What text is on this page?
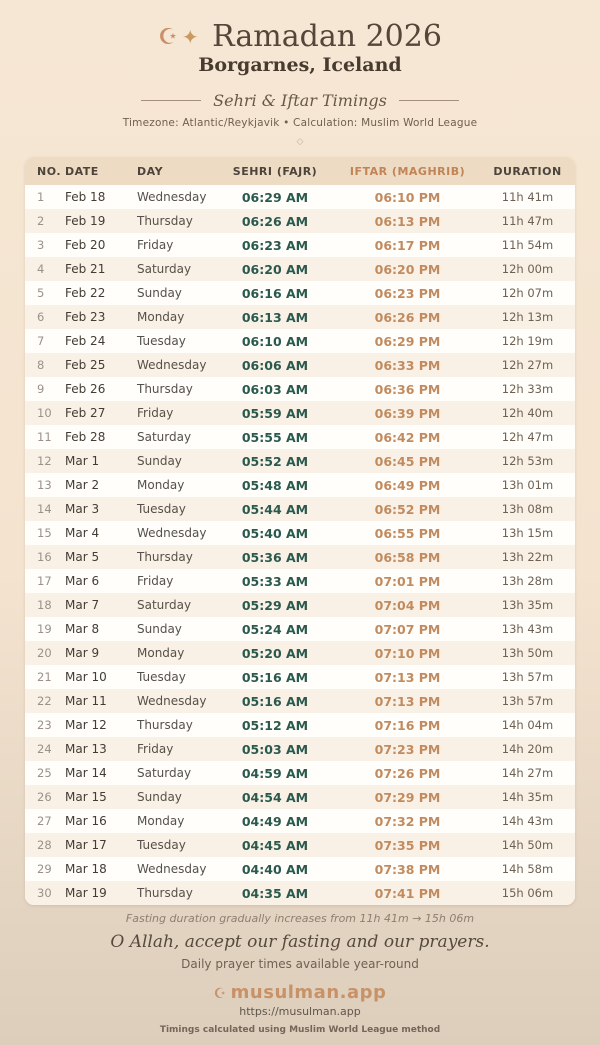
☪✦ Ramadan 2026
Borgarnes, Iceland
Sehri & Iftar Timings
Timezone: Atlantic/Reykjavik • Calculation: Muslim World League
◇
NO.	DATE	DAY	SEHRI (FAJR)	IFTAR (MAGHRIB)	DURATION
1	Feb 18	Wednesday	06:29 AM	06:10 PM	11h 41m
2	Feb 19	Thursday	06:26 AM	06:13 PM	11h 47m
3	Feb 20	Friday	06:23 AM	06:17 PM	11h 54m
4	Feb 21	Saturday	06:20 AM	06:20 PM	12h 00m
5	Feb 22	Sunday	06:16 AM	06:23 PM	12h 07m
6	Feb 23	Monday	06:13 AM	06:26 PM	12h 13m
7	Feb 24	Tuesday	06:10 AM	06:29 PM	12h 19m
8	Feb 25	Wednesday	06:06 AM	06:33 PM	12h 27m
9	Feb 26	Thursday	06:03 AM	06:36 PM	12h 33m
10	Feb 27	Friday	05:59 AM	06:39 PM	12h 40m
11	Feb 28	Saturday	05:55 AM	06:42 PM	12h 47m
12	Mar 1	Sunday	05:52 AM	06:45 PM	12h 53m
13	Mar 2	Monday	05:48 AM	06:49 PM	13h 01m
14	Mar 3	Tuesday	05:44 AM	06:52 PM	13h 08m
15	Mar 4	Wednesday	05:40 AM	06:55 PM	13h 15m
16	Mar 5	Thursday	05:36 AM	06:58 PM	13h 22m
17	Mar 6	Friday	05:33 AM	07:01 PM	13h 28m
18	Mar 7	Saturday	05:29 AM	07:04 PM	13h 35m
19	Mar 8	Sunday	05:24 AM	07:07 PM	13h 43m
20	Mar 9	Monday	05:20 AM	07:10 PM	13h 50m
21	Mar 10	Tuesday	05:16 AM	07:13 PM	13h 57m
22	Mar 11	Wednesday	05:16 AM	07:13 PM	13h 57m
23	Mar 12	Thursday	05:12 AM	07:16 PM	14h 04m
24	Mar 13	Friday	05:03 AM	07:23 PM	14h 20m
25	Mar 14	Saturday	04:59 AM	07:26 PM	14h 27m
26	Mar 15	Sunday	04:54 AM	07:29 PM	14h 35m
27	Mar 16	Monday	04:49 AM	07:32 PM	14h 43m
28	Mar 17	Tuesday	04:45 AM	07:35 PM	14h 50m
29	Mar 18	Wednesday	04:40 AM	07:38 PM	14h 58m
30	Mar 19	Thursday	04:35 AM	07:41 PM	15h 06m
Fasting duration gradually increases from 11h 41m → 15h 06m
O Allah, accept our fasting and our prayers.
Daily prayer times available year-round
☪ musulman.app
https://musulman.app
Timings calculated using Muslim World League method
